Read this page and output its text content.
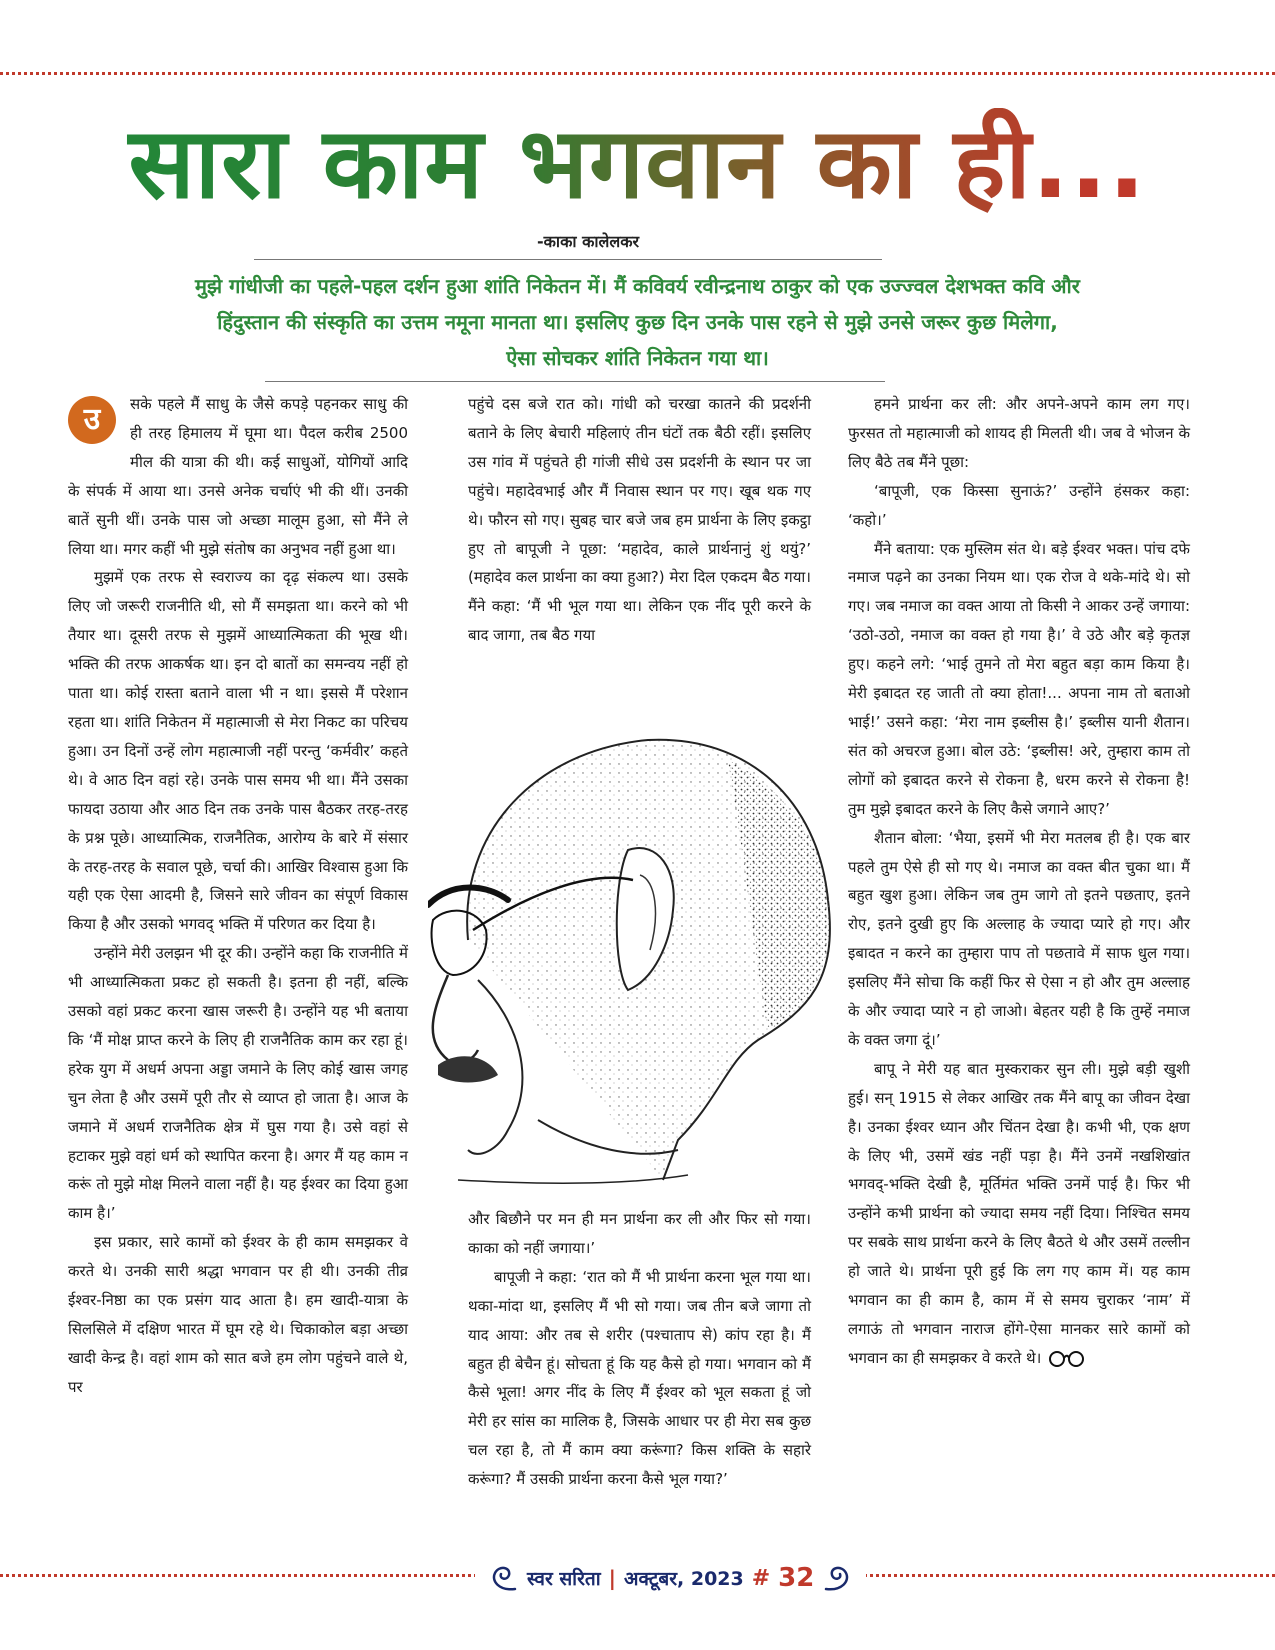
सारा काम भगवान का ही...
-काका कालेलकर
मुझे गांधीजी का पहले-पहल दर्शन हुआ शांति निकेतन में। मैं कविवर्य रवीन्द्रनाथ ठाकुर को एक उज्ज्वल देशभक्त कवि और
हिंदुस्तान की संस्कृति का उत्तम नमूना मानता था। इसलिए कुछ दिन उनके पास रहने से मुझे उनसे जरूर कुछ मिलेगा,
ऐसा सोचकर शांति निकेतन गया था।

उ	सके पहले मैं साधु के जैसे कपड़े पहनकर साधु की ही तरह हिमालय में घूमा था। पैदल करीब 2500 मील की यात्रा की थी। कई साधुओं, योगियों आदि के संपर्क में आया था। उनसे अनेक चर्चाएं भी की थीं। उनकी बातें सुनी थीं। उनके पास जो अच्छा मालूम हुआ, सो मैंने ले लिया था। मगर कहीं भी मुझे संतोष का अनुभव नहीं हुआ था।

मुझमें एक तरफ से स्वराज्य का दृढ़ संकल्प था। उसके लिए जो जरूरी राजनीति थी, सो मैं समझता था। करने को भी तैयार था। दूसरी तरफ से मुझमें आध्यात्मिकता की भूख थी। भक्ति की तरफ आकर्षक था। इन दो बातों का समन्वय नहीं हो पाता था। कोई रास्ता बताने वाला भी न था। इससे मैं परेशान रहता था। शांति निकेतन में महात्माजी से मेरा निकट का परिचय हुआ। उन दिनों उन्हें लोग महात्माजी नहीं परन्तु ‘कर्मवीर’ कहते थे। वे आठ दिन वहां रहे। उनके पास समय भी था। मैंने उसका फायदा उठाया और आठ दिन तक उनके पास बैठकर तरह-तरह के प्रश्न पूछे। आध्यात्मिक, राजनैतिक, आरोग्य के बारे में संसार के तरह-तरह के सवाल पूछे, चर्चा की। आखिर विश्वास हुआ कि यही एक ऐसा आदमी है, जिसने सारे जीवन का संपूर्ण विकास किया है और उसको भगवद् भक्ति में परिणत कर दिया है।

उन्होंने मेरी उलझन भी दूर की। उन्होंने कहा कि राजनीति में भी आध्यात्मिकता प्रकट हो सकती है। इतना ही नहीं, बल्कि उसको वहां प्रकट करना खास जरूरी है। उन्होंने यह भी बताया कि ‘मैं मोक्ष प्राप्त करने के लिए ही राजनैतिक काम कर रहा हूं। हरेक युग में अधर्म अपना अड्डा जमाने के लिए कोई खास जगह चुन लेता है और उसमें पूरी तौर से व्याप्त हो जाता है। आज के जमाने में अधर्म राजनैतिक क्षेत्र में घुस गया है। उसे वहां से हटाकर मुझे वहां धर्म को स्थापित करना है। अगर मैं यह काम न करूं तो मुझे मोक्ष मिलने वाला नहीं है। यह ईश्वर का दिया हुआ काम है।’

इस प्रकार, सारे कामों को ईश्वर के ही काम समझकर वे करते थे। उनकी सारी श्रद्धा भगवान पर ही थी। उनकी तीव्र ईश्वर-निष्ठा का एक प्रसंग याद आता है। हम खादी-यात्रा के सिलसिले में दक्षिण भारत में घूम रहे थे। चिकाकोल बड़ा अच्छा खादी केन्द्र है। वहां शाम को सात बजे हम लोग पहुंचने वाले थे, पर

पहुंचे दस बजे रात को। गांधी को चरखा कातने की प्रदर्शनी बताने के लिए बेचारी महिलाएं तीन घंटों तक बैठी रहीं। इसलिए उस गांव में पहुंचते ही गांजी सीधे उस प्रदर्शनी के स्थान पर जा पहुंचे। महादेवभाई और मैं निवास स्थान पर गए। खूब थक गए थे। फौरन सो गए। सुबह चार बजे जब हम प्रार्थना के लिए इकट्ठा हुए तो बापूजी ने पूछा: ‘महादेव, काले प्रार्थनानुं शुं थयुं?’ (महादेव कल प्रार्थना का क्या हुआ?) मेरा दिल एकदम बैठ गया। मैंने कहा: ‘मैं भी भूल गया था। लेकिन एक नींद पूरी करने के बाद जागा, तब बैठ गया

और बिछौने पर मन ही मन प्रार्थना कर ली और फिर सो गया। काका को नहीं जगाया।’

बापूजी ने कहा: ‘रात को मैं भी प्रार्थना करना भूल गया था। थका-मांदा था, इसलिए मैं भी सो गया। जब तीन बजे जागा तो याद आया: और तब से शरीर (पश्चाताप से) कांप रहा है। मैं बहुत ही बेचैन हूं। सोचता हूं कि यह कैसे हो गया। भगवान को मैं कैसे भूला! अगर नींद के लिए मैं ईश्वर को भूल सकता हूं जो मेरी हर सांस का मालिक है, जिसके आधार पर ही मेरा सब कुछ चल रहा है, तो मैं काम क्या करूंगा? किस शक्ति के सहारे करूंगा? मैं उसकी प्रार्थना करना कैसे भूल गया?’

हमने प्रार्थना कर ली: और अपने-अपने काम लग गए। फुरसत तो महात्माजी को शायद ही मिलती थी। जब वे भोजन के लिए बैठे तब मैंने पूछा:

‘बापूजी, एक किस्सा सुनाऊं?’ उन्होंने हंसकर कहा: ‘कहो।’

मैंने बताया: एक मुस्लिम संत थे। बड़े ईश्वर भक्त। पांच दफे नमाज पढ़ने का उनका नियम था। एक रोज वे थके-मांदे थे। सो गए। जब नमाज का वक्त आया तो किसी ने आकर उन्हें जगाया: ‘उठो-उठो, नमाज का वक्त हो गया है।’ वे उठे और बड़े कृतज्ञ हुए। कहने लगे: ‘भाई तुमने तो मेरा बहुत बड़ा काम किया है। मेरी इबादत रह जाती तो क्या होता!... अपना नाम तो बताओ भाई!’ उसने कहा: ‘मेरा नाम इब्लीस है।’ इब्लीस यानी शैतान। संत को अचरज हुआ। बोल उठे: ‘इब्लीस! अरे, तुम्हारा काम तो लोगों को इबादत करने से रोकना है, धरम करने से रोकना है! तुम मुझे इबादत करने के लिए कैसे जगाने आए?’

शैतान बोला: ‘भैया, इसमें भी मेरा मतलब ही है। एक बार पहले तुम ऐसे ही सो गए थे। नमाज का वक्त बीत चुका था। मैं बहुत खुश हुआ। लेकिन जब तुम जागे तो इतने पछताए, इतने रोए, इतने दुखी हुए कि अल्लाह के ज्यादा प्यारे हो गए। और इबादत न करने का तुम्हारा पाप तो पछतावे में साफ धुल गया। इसलिए मैंने सोचा कि कहीं फिर से ऐसा न हो और तुम अल्लाह के और ज्यादा प्यारे न हो जाओ। बेहतर यही है कि तुम्हें नमाज के वक्त जगा दूं।’

बापू ने मेरी यह बात मुस्कराकर सुन ली। मुझे बड़ी खुशी हुई। सन् 1915 से लेकर आखिर तक मैंने बापू का जीवन देखा है। उनका ईश्वर ध्यान और चिंतन देखा है। कभी भी, एक क्षण के लिए भी, उसमें खंड नहीं पड़ा है। मैंने उनमें नखशिखांत भगवद्-भक्ति देखी है, मूर्तिमंत भक्ति उनमें पाई है। फिर भी उन्होंने कभी प्रार्थना को ज्यादा समय नहीं दिया। निश्चित समय पर सबके साथ प्रार्थना करने के लिए बैठते थे और उसमें तल्लीन हो जाते थे। प्रार्थना पूरी हुई कि लग गए काम में। यह काम भगवान का ही काम है, काम में से समय चुराकर ‘नाम’ में लगाऊं तो भगवान नाराज होंगे-ऐसा मानकर सारे कामों को भगवान का ही समझकर वे करते थे।

स्वर सरिता | अक्टूबर, 2023 # 32
